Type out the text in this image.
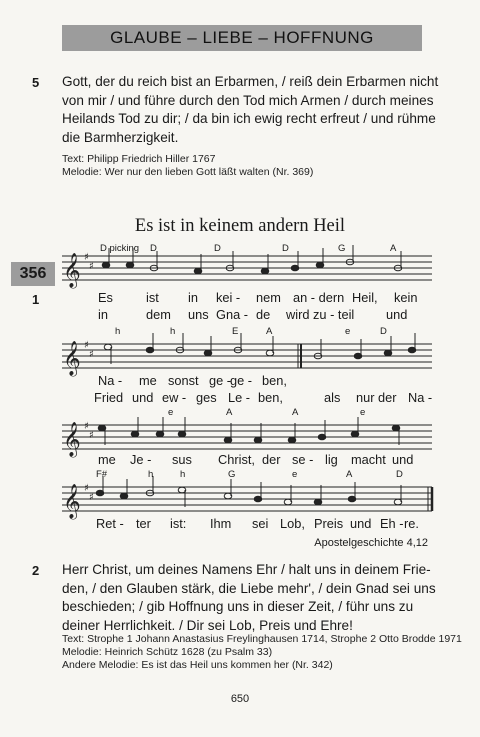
GLAUBE – LIEBE – HOFFNUNG
5 Gott, der du reich bist an Erbarmen, / reiß dein Erbarmen nicht
von mir / und führe durch den Tod mich Armen / durch meines
Heilands Tod zu dir; / da bin ich ewig recht erfreut / und rühme
die Barmherzigkeit.
Text: Philipp Friedrich Hiller 1767
Melodie: Wer nur den lieben Gott läßt walten (Nr. 369)
Es ist in keinem andern Heil
356
1
𝄞
𝄞
𝄞
𝄞
♯
♯
♯
♯
♯
♯
♯
♯
D picking D	D	D	G	A
Es	ist in kei - nem an - dern Heil, kein
in	dem uns Gna - de wird zu - teil und
h	h	E	A	e	D
Na - me sonst ge -
ge - ben,
Fried und ew - ges Le - ben,	als nur der Na -
e	A	A	e
me Je - sus Christ, der se - lig macht und
F#	h	h	G	e	A	D
Ret - ter ist: Ihm sei Lob, Preis und Eh - re.
Apostelgeschichte 4,12
2 Herr Christ, um deines Namens Ehr / halt uns in deinem Frie-
den, / den Glauben stärk, die Liebe mehr', / dein Gnad sei uns
beschieden; / gib Hoffnung uns in dieser Zeit, / führ uns zu
deiner Herrlichkeit. / Dir sei Lob, Preis und Ehre!
Text: Strophe 1 Johann Anastasius Freylinghausen 1714, Strophe 2 Otto Brodde 1971
Melodie: Heinrich Schütz 1628 (zu Psalm 33)
Andere Melodie: Es ist das Heil uns kommen her (Nr. 342)
650
